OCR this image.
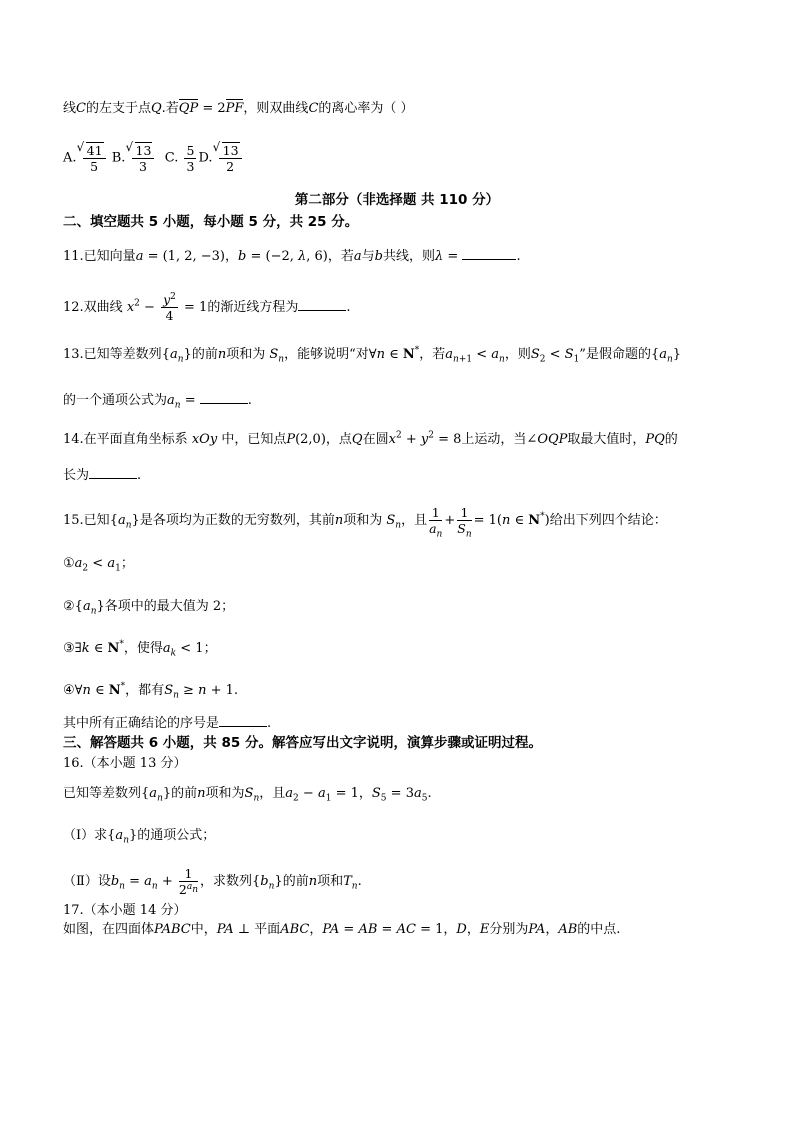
线C的左支于点Q.若QP = 2PF，则双曲线C的离心率为（ ）
A. √ $\frac{41}{5} B$. √ $\frac{13}{3} C$. $\frac{5}{3} D$. √ $\frac{13}{2}$
第二部分（非选择题 共 110 分）
二、填空题共 5 小题，每小题 5 分，共 25 分。
11.已知向量a = (1, 2, −3)，b = (−2, λ, 6)，若a与b共线，则λ =	.
12.双曲线 $x^2 - \frac{y^2}{4} = 1$的渐近线方程为	.
13.已知等差数列$\{a_n\}$的前n项和为 $S_n$，能够说明“对∀n ∈ N*，若$a_{n+1} < a_n$，则$S_2 < S_1$”是假命题的$\{a_n\}$
的一个通项公式为$a_n$ =	.
14.在平面直角坐标系 xOy 中，已知点P(2,0)，点Q在圆$x^2 + y^2 = 8$上运动，当∠OQP取最大值时，PQ的
长为	.
15.已知$\{a_n\}$是各项均为正数的无穷数列，其前n项和为 $S_n$，且 $\frac{1}{a_n} + \frac{1}{S_n} = 1(n$ ∈ N*)给出下列四个结论：
$①a_2 < a_1$；
$②\{a_n\}$各项中的最大值为 2；
③∃k ∈ N*，使得$a_k < 1$；
④∀n ∈ N*，都有$S_n \ge n + 1$.
其中所有正确结论的序号是	.
三、解答题共 6 小题，共 85 分。解答应写出文字说明，演算步骤或证明过程。
16.（本小题 13 分）
已知等差数列$\{a_n\}$的前n项和为$S_n$，且$a_2 - a_1 = 1$，$S_5 = 3a_5$.
（Ⅰ）求$\{a_n\}$的通项公式；
（Ⅱ）设$b_n = a_n + \frac{1}{2^{a_n}}$ ，求数列$\{b_n\}$的前n项和$T_n$.
17.（本小题 14 分）
如图，在四面体PABC中，PA ⊥ 平面ABC，PA = AB = AC = 1，D，E分别为PA，AB的中点.
